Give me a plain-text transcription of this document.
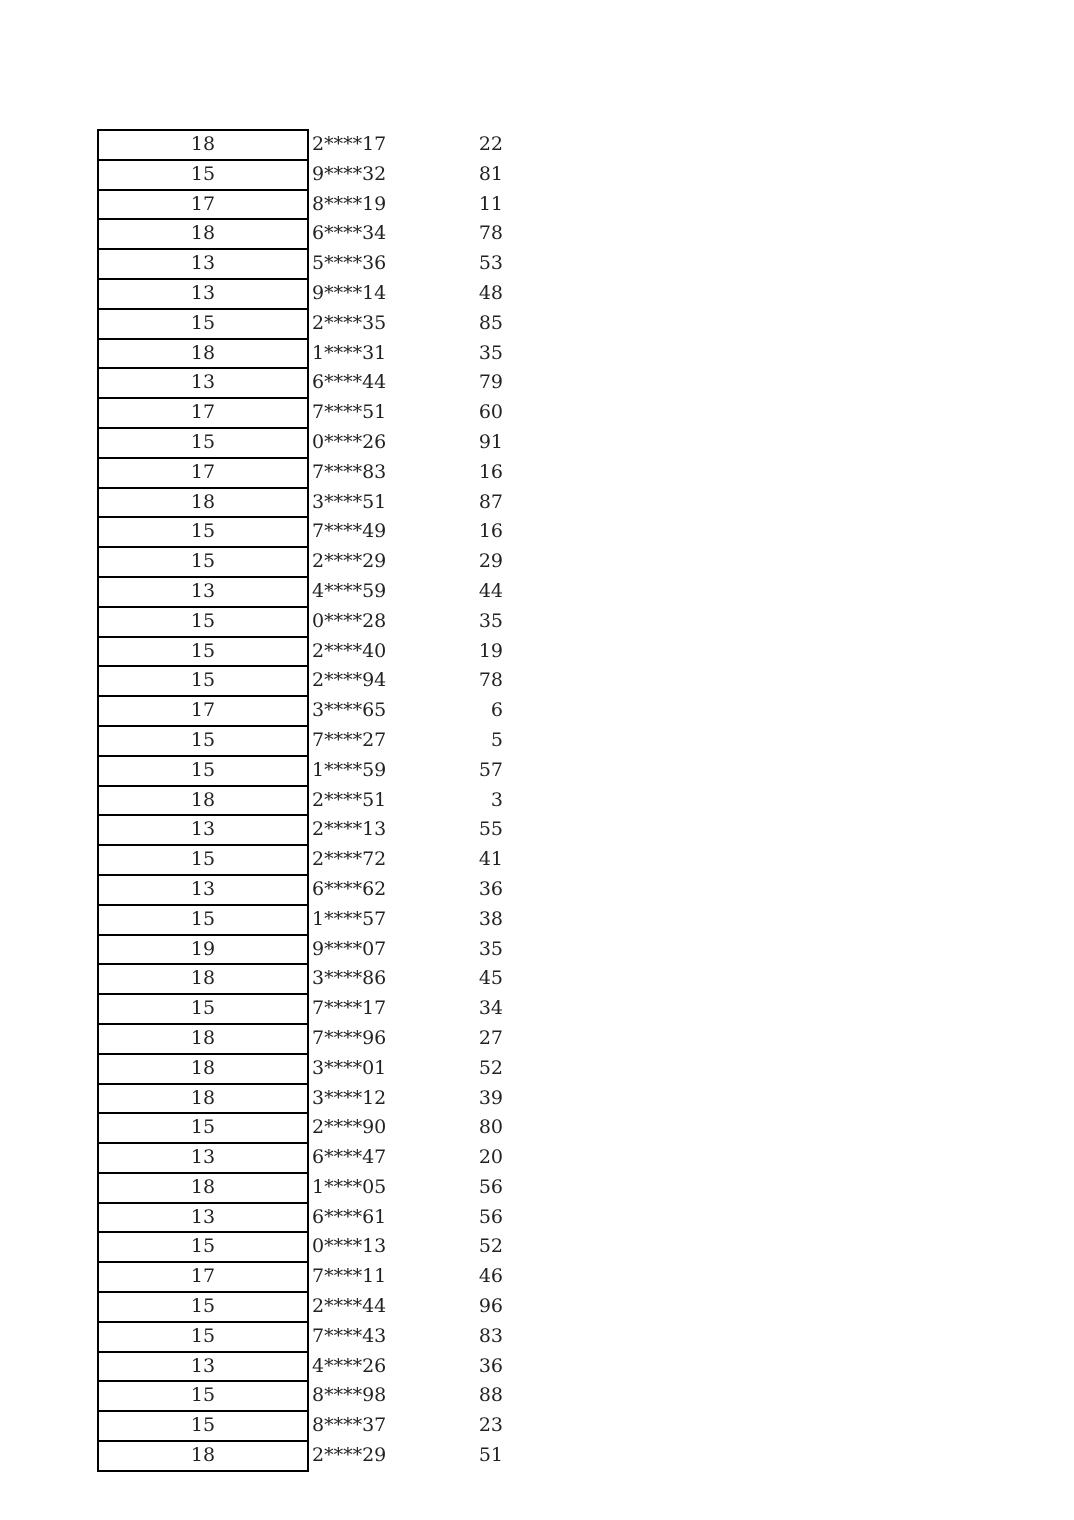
18	2****17	22
15	9****32	81
17	8****19	11
18	6****34	78
13	5****36	53
13	9****14	48
15	2****35	85
18	1****31	35
13	6****44	79
17	7****51	60
15	0****26	91
17	7****83	16
18	3****51	87
15	7****49	16
15	2****29	29
13	4****59	44
15	0****28	35
15	2****40	19
15	2****94	78
17	3****65	6
15	7****27	5
15	1****59	57
18	2****51	3
13	2****13	55
15	2****72	41
13	6****62	36
15	1****57	38
19	9****07	35
18	3****86	45
15	7****17	34
18	7****96	27
18	3****01	52
18	3****12	39
15	2****90	80
13	6****47	20
18	1****05	56
13	6****61	56
15	0****13	52
17	7****11	46
15	2****44	96
15	7****43	83
13	4****26	36
15	8****98	88
15	8****37	23
18	2****29	51
